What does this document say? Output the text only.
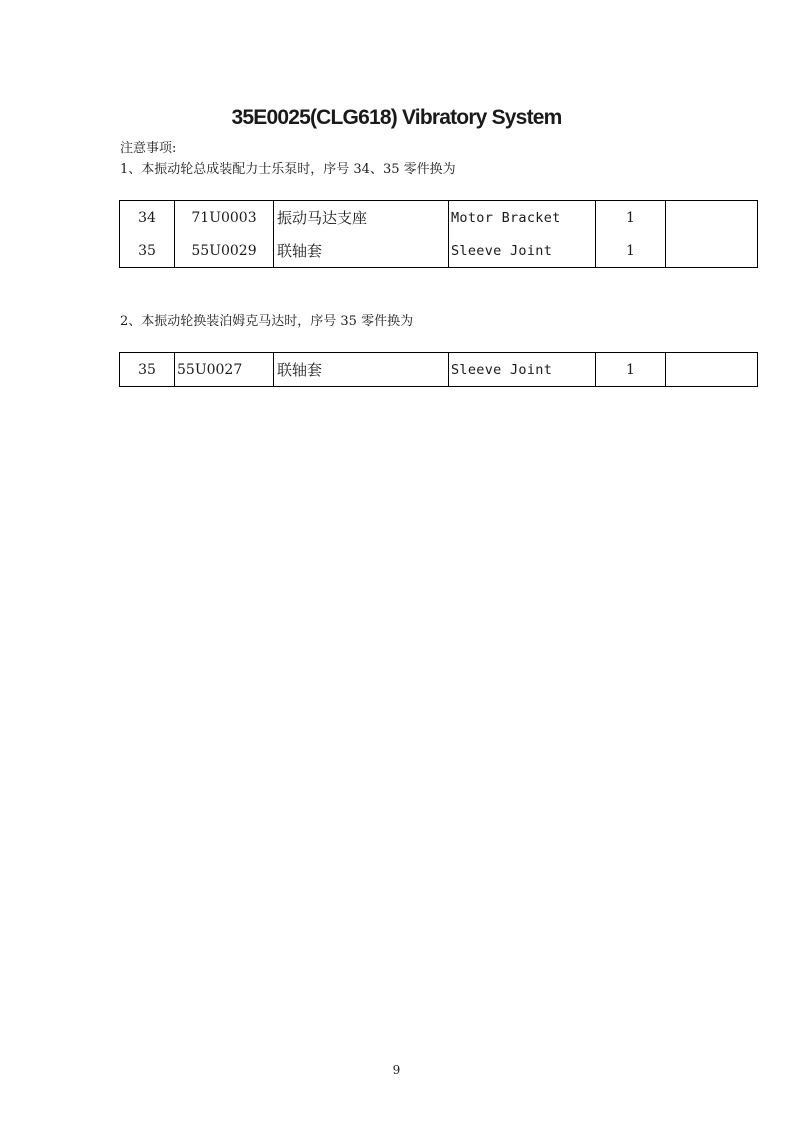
35E0025(CLG618) Vibratory System
注意事项:
1、本振动轮总成装配力士乐泵时，序号 34、35 零件换为
34	71U0003	振动马达支座	Motor Bracket	1	
35	55U0029	联轴套	Sleeve Joint	1	
2、本振动轮换装泊姆克马达时，序号 35 零件换为
35	55U0027	联轴套	Sleeve Joint	1	
9
